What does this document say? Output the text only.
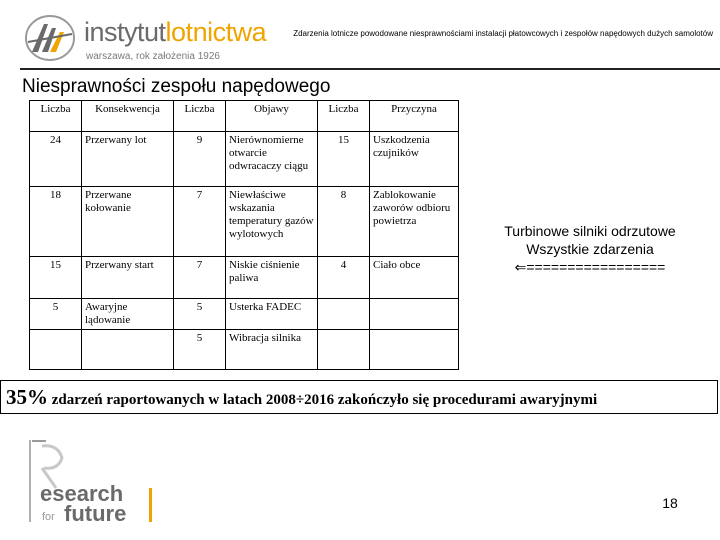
instytutlotnictwa
warszawa, rok założenia 1926
Zdarzenia lotnicze powodowane niesprawnościami instalacji płatowcowych i zespołów napędowych dużych samolotów
Niesprawności zespołu napędowego
Liczba	Konsekwencja	Liczba	Objawy	Liczba	Przyczyna
24	Przerwany lot	9	Nierównomierne otwarcie odwracaczy ciągu	15	Uszkodzenia czujników
18	Przerwane kołowanie	7	Niewłaściwe wskazania temperatury gazów wylotowych	8	Zablokowanie zaworów odbioru powietrza
15	Przerwany start	7	Niskie ciśnienie paliwa	4	Ciało obce
5	Awaryjne lądowanie	5	Usterka FADEC		
		5	Wibracja silnika		
Turbinowe silniki odrzutowe
Wszystkie zdarzenia
⇐=================
35% zdarzeń raportowanych w latach 2008÷2016 zakończyło się procedurami awaryjnymi
esearch
for future	18
